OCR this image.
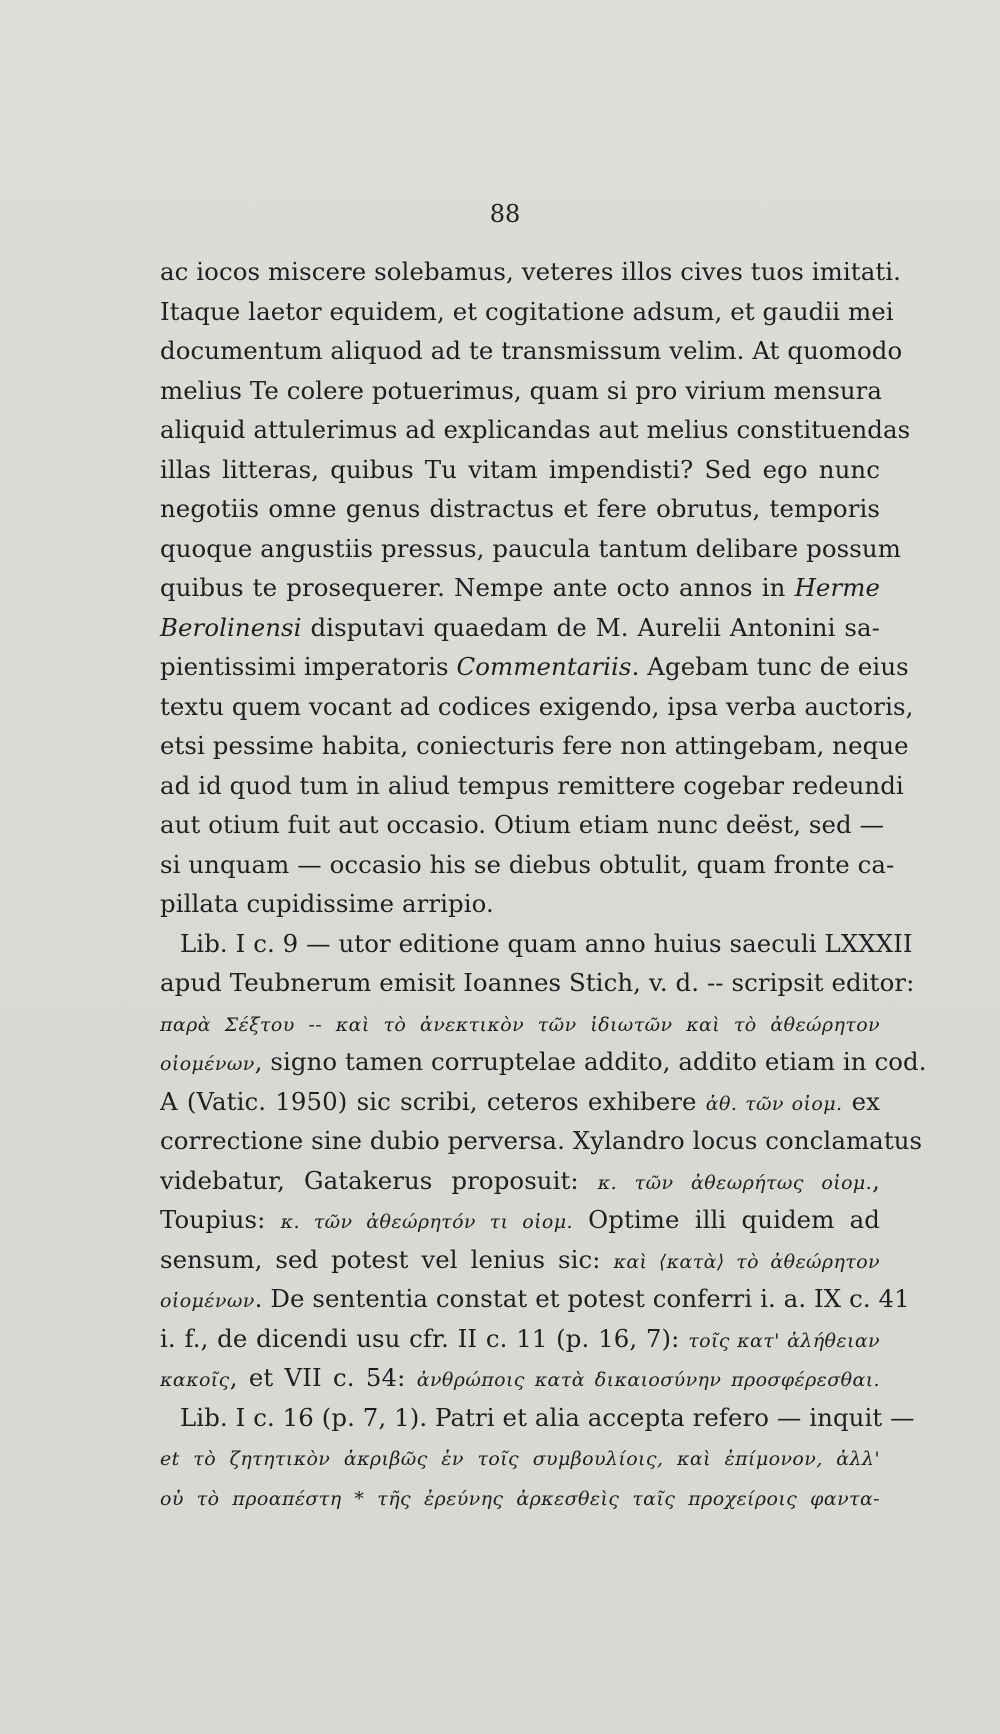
88
ac iocos miscere solebamus, veteres illos cives tuos imitati.
Itaque laetor equidem, et cogitatione adsum, et gaudii mei
documentum aliquod ad te transmissum velim. At quomodo
melius Te colere potuerimus, quam si pro virium mensura
aliquid attulerimus ad explicandas aut melius constituendas
illas litteras, quibus Tu vitam impendisti? Sed ego nunc
negotiis omne genus distractus et fere obrutus, temporis
quoque angustiis pressus, paucula tantum delibare possum
quibus te prosequerer. Nempe ante octo annos in Herme
Berolinensi disputavi quaedam de M. Aurelii Antonini sa-
pientissimi imperatoris Commentariis. Agebam tunc de eius
textu quem vocant ad codices exigendo, ipsa verba auctoris,
etsi pessime habita, coniecturis fere non attingebam, neque
ad id quod tum in aliud tempus remittere cogebar redeundi
aut otium fuit aut occasio. Otium etiam nunc deëst, sed —
si unquam — occasio his se diebus obtulit, quam fronte ca-
pillata cupidissime arripio.
Lib. I c. 9 — utor editione quam anno huius saeculi LXXXII
apud Teubnerum emisit Ioannes Stich, v. d. -- scripsit editor:
παρὰ Σέξτου -- καὶ τὸ ἀνεκτικὸν τῶν ἰδιωτῶν καὶ τὸ ἀθεώρητον
οἰομένων, signo tamen corruptelae addito, addito etiam in cod.
A (Vatic. 1950) sic scribi, ceteros exhibere ἀθ. τῶν οἰομ. ex
correctione sine dubio perversa. Xylandro locus conclamatus
videbatur, Gatakerus proposuit: κ. τῶν ἀθεωρήτως οἰομ.,
Toupius: κ. τῶν ἀθεώρητόν τι οἰομ. Optime illi quidem ad
sensum, sed potest vel lenius sic: καὶ ⟨κατὰ⟩ τὸ ἀθεώρητον
οἰομένων. De sententia constat et potest conferri i. a. IX c. 41
i. f., de dicendi usu cfr. II c. 11 (p. 16, 7): τοῖς κατ' ἀλήθειαν
κακοῖς, et VII c. 54: ἀνθρώποις κατὰ δικαιοσύνην προσφέρεσθαι.
Lib. I c. 16 (p. 7, 1). Patri et alia accepta refero — inquit —
et τὸ ζητητικὸν ἀκριβῶς ἐν τοῖς συμβουλίοις, καὶ ἐπίμονον, ἀλλ'
οὐ τὸ προαπέστη * τῆς ἐρεύνης ἀρκεσθεὶς ταῖς προχείροις φαντα-
